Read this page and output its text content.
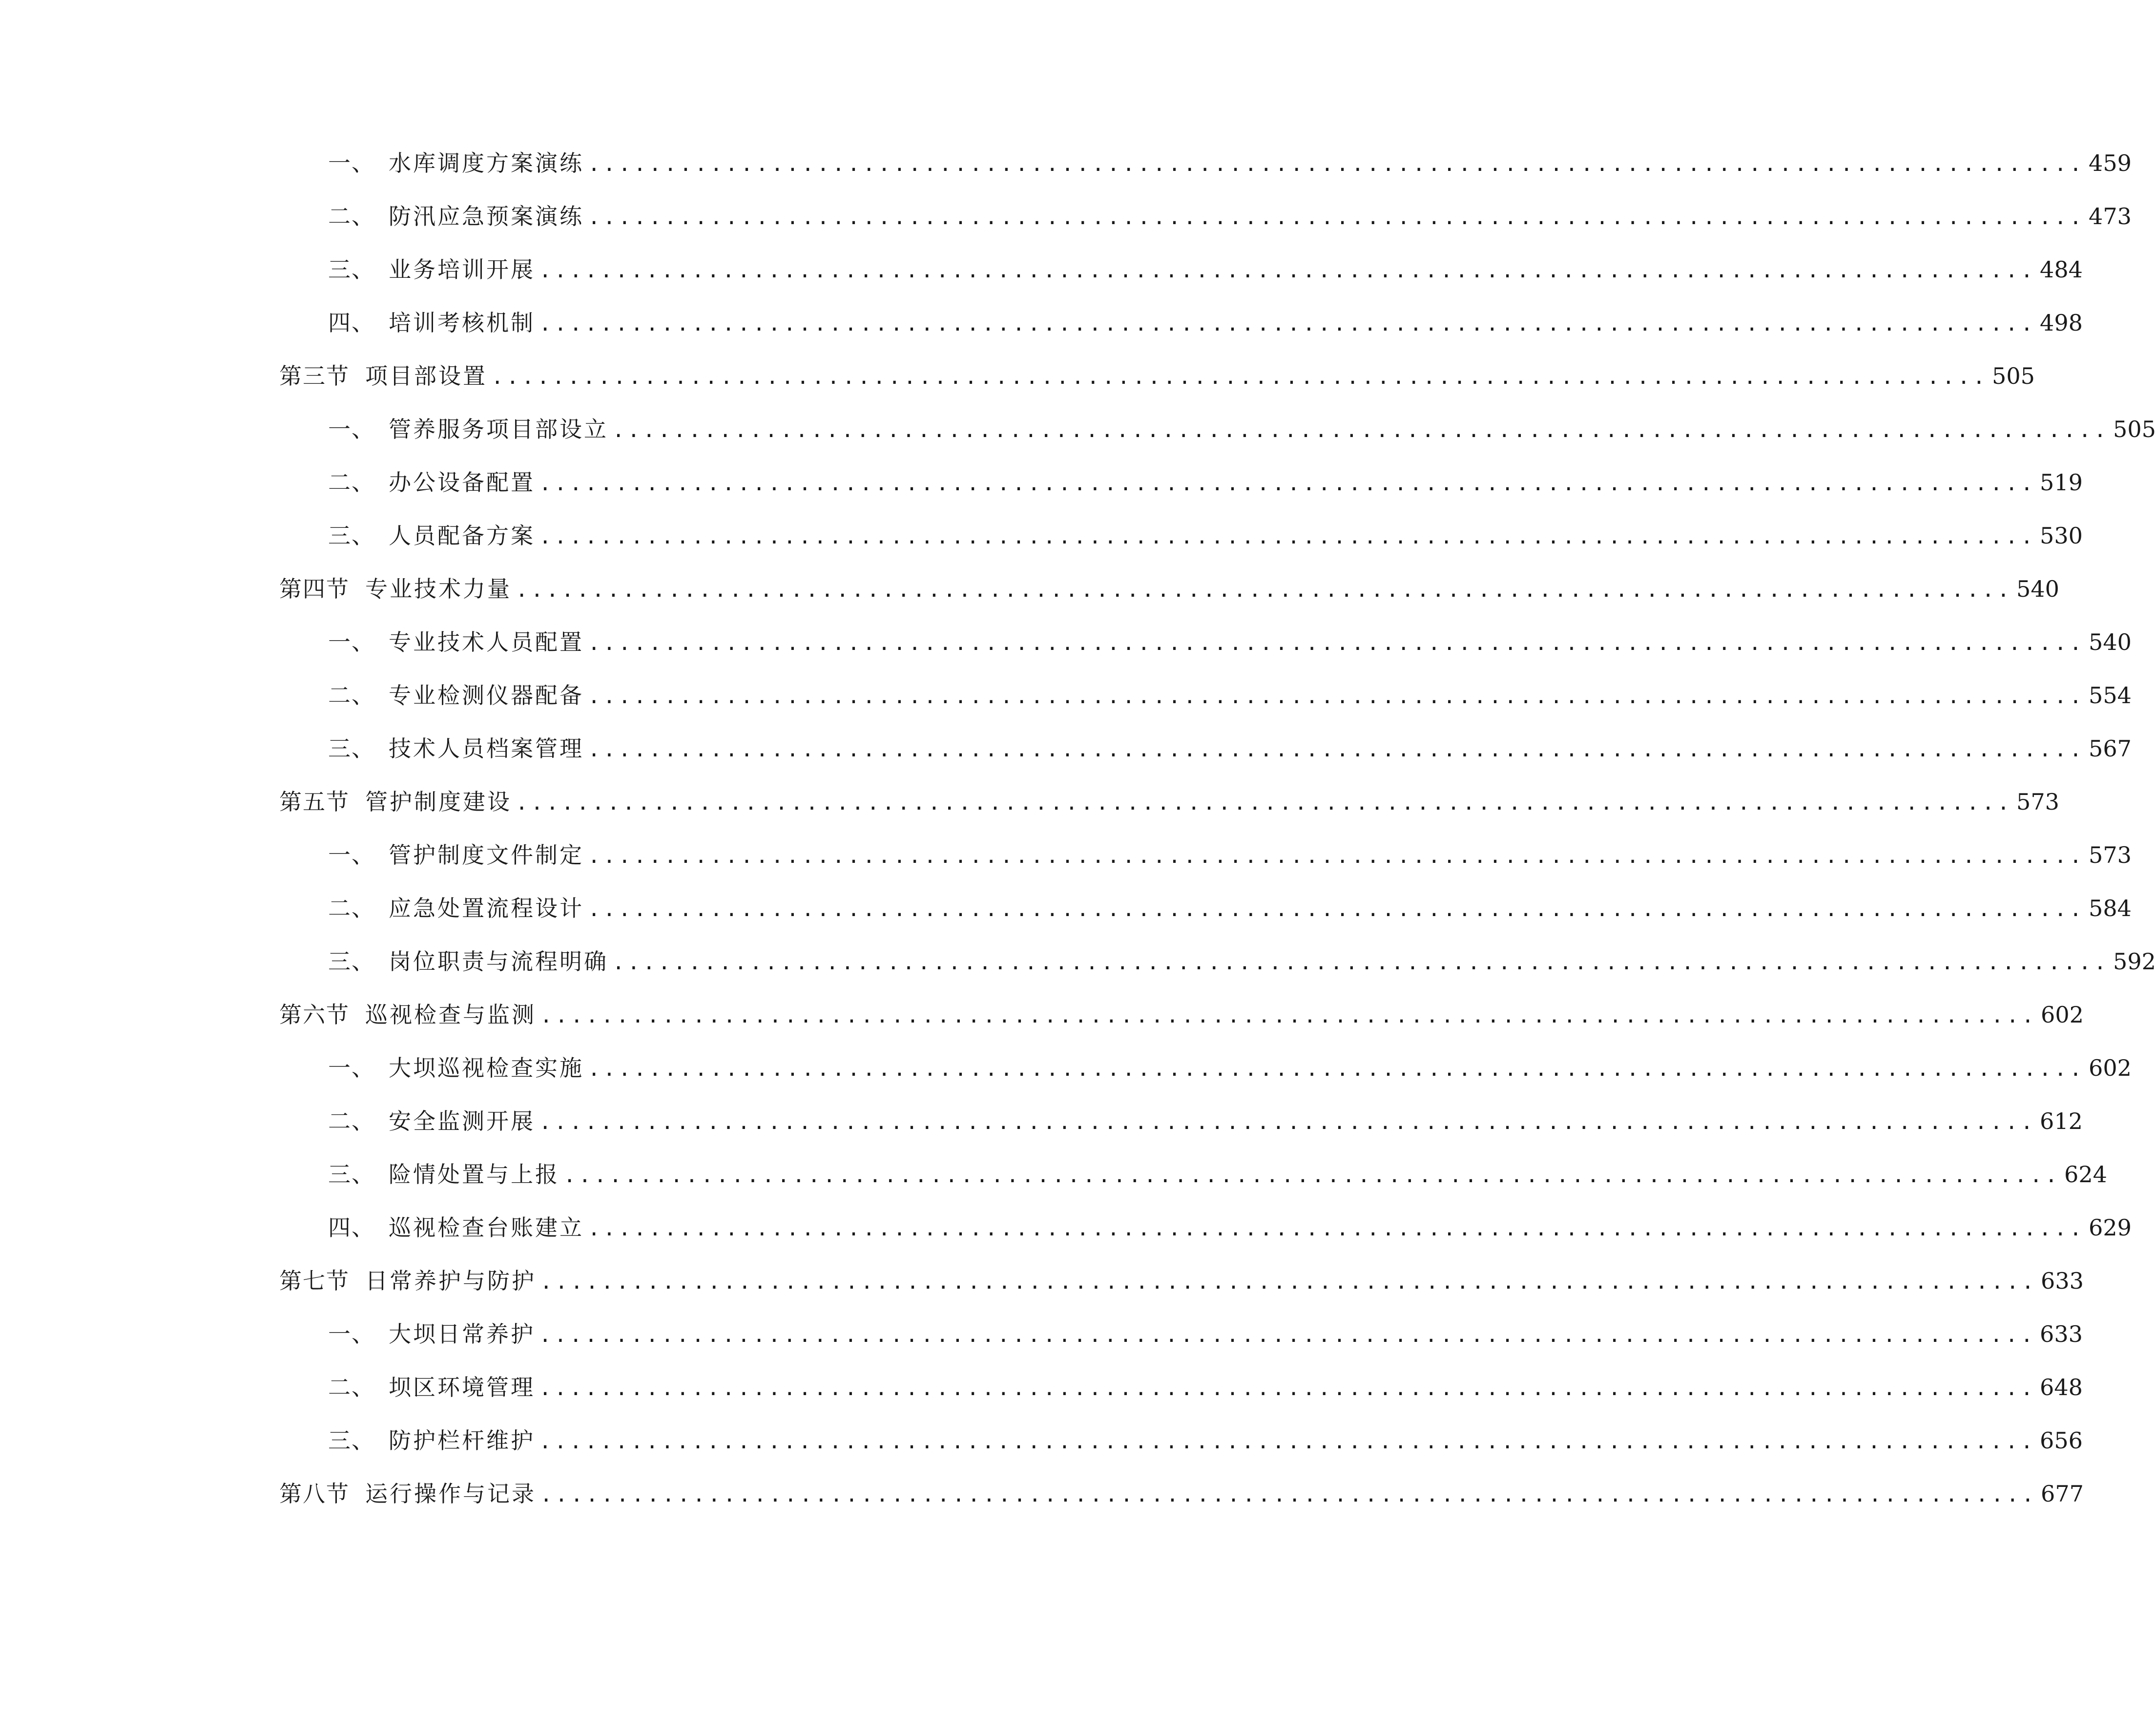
一、 水库调度方案演练 .................................................................................................. 459
二、 防汛应急预案演练 .................................................................................................. 473
三、 业务培训开展 .................................................................................................. 484
四、 培训考核机制 .................................................................................................. 498
第三节 项目部设置 .................................................................................................. 505
一、 管养服务项目部设立 .................................................................................................. 505
二、 办公设备配置 .................................................................................................. 519
三、 人员配备方案 .................................................................................................. 530
第四节 专业技术力量 .................................................................................................. 540
一、 专业技术人员配置 .................................................................................................. 540
二、 专业检测仪器配备 .................................................................................................. 554
三、 技术人员档案管理 .................................................................................................. 567
第五节 管护制度建设 .................................................................................................. 573
一、 管护制度文件制定 .................................................................................................. 573
二、 应急处置流程设计 .................................................................................................. 584
三、 岗位职责与流程明确 .................................................................................................. 592
第六节 巡视检查与监测 .................................................................................................. 602
一、 大坝巡视检查实施 .................................................................................................. 602
二、 安全监测开展 .................................................................................................. 612
三、 险情处置与上报 .................................................................................................. 624
四、 巡视检查台账建立 .................................................................................................. 629
第七节 日常养护与防护 .................................................................................................. 633
一、 大坝日常养护 .................................................................................................. 633
二、 坝区环境管理 .................................................................................................. 648
三、 防护栏杆维护 .................................................................................................. 656
第八节 运行操作与记录 .................................................................................................. 677
